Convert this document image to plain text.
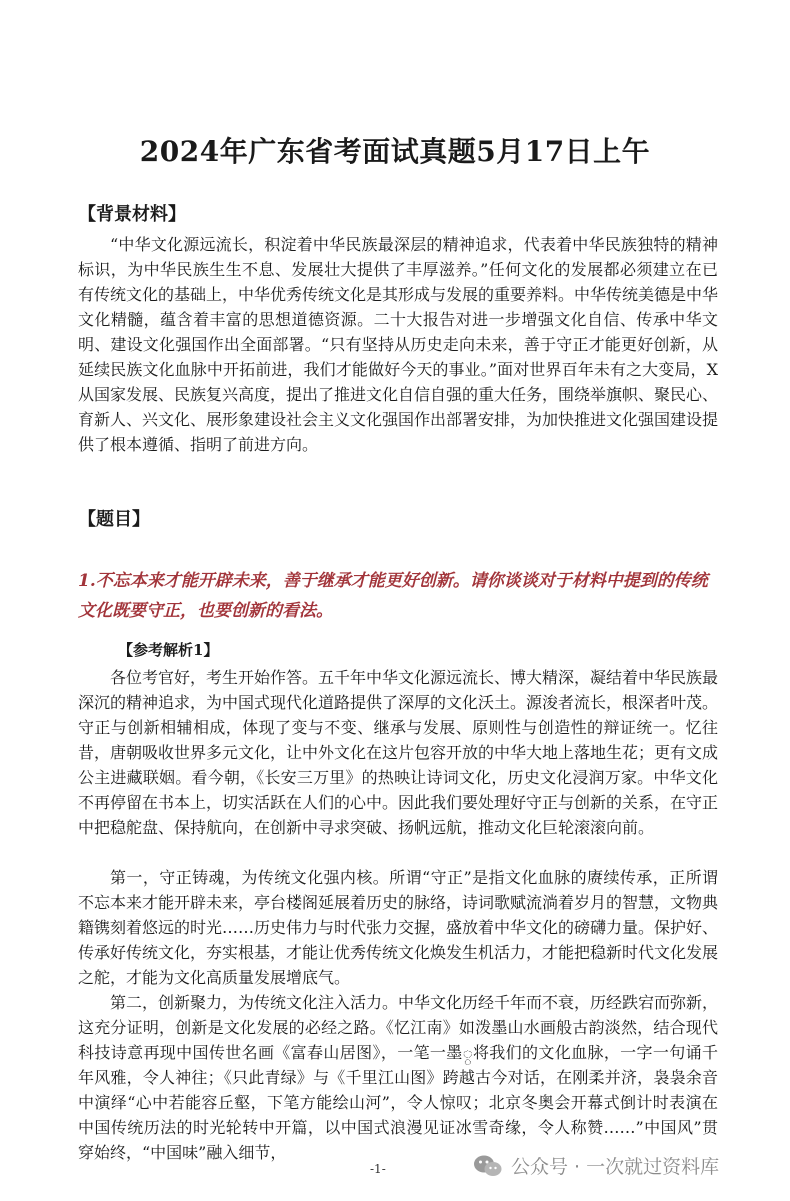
2024年广东省考面试真题5月17日上午
【背景材料】

“中华文化源远流长，积淀着中华民族最深层的精神追求，代表着中华民族独特的精神标识，为中华民族生生不息、发展壮大提供了丰厚滋养。”任何文化的发展都必须建立在已有传统文化的基础上，中华优秀传统文化是其形成与发展的重要养料。中华传统美德是中华文化精髓，蕴含着丰富的思想道德资源。二十大报告对进一步增强文化自信、传承中华文明、建设文化强国作出全面部署。“只有坚持从历史走向未来，善于守正才能更好创新，从延续民族文化血脉中开拓前进，我们才能做好今天的事业。”面对世界百年未有之大变局，X从国家发展、民族复兴高度，提出了推进文化自信自强的重大任务，围绕举旗帜、聚民心、育新人、兴文化、展形象建设社会主义文化强国作出部署安排，为加快推进文化强国建设提供了根本遵循、指明了前进方向。

【题目】

1.不忘本来才能开辟未来，善于继承才能更好创新。请你谈谈对于材料中提到的传统文化既要守正，也要创新的看法。

【参考解析1】

各位考官好，考生开始作答。五千年中华文化源远流长、博大精深，凝结着中华民族最深沉的精神追求，为中国式现代化道路提供了深厚的文化沃土。源浚者流长，根深者叶茂。守正与创新相辅相成，体现了变与不变、继承与发展、原则性与创造性的辩证统一。忆往昔，唐朝吸收世界多元文化，让中外文化在这片包容开放的中华大地上落地生花；更有文成公主进藏联姻。看今朝，《长安三万里》的热映让诗词文化，历史文化浸润万家。中华文化不再停留在书本上，切实活跃在人们的心中。因此我们要处理好守正与创新的关系，在守正中把稳舵盘、保持航向，在创新中寻求突破、扬帆远航，推动文化巨轮滚滚向前。

第一，守正铸魂，为传统文化强内核。所谓“守正”是指文化血脉的赓续传承，正所谓不忘本来才能开辟未来，亭台楼阁延展着历史的脉络，诗词歌赋流淌着岁月的智慧，文物典籍镌刻着悠远的时光……历史伟力与时代张力交握，盛放着中华文化的磅礴力量。保护好、传承好传统文化，夯实根基，才能让优秀传统文化焕发生机活力，才能把稳新时代文化发展之舵，才能为文化高质量发展增底气。

第二，创新聚力，为传统文化注入活力。中华文化历经千年而不衰，历经跌宕而弥新，这充分证明，创新是文化发展的必经之路。《忆江南》如泼墨山水画般古韵淡然，结合现代科技诗意再现中国传世名画《富春山居图》，一笔一墨္将我们的文化血脉，一字一句诵千年风雅，令人神往；《只此青绿》与《千里江山图》跨越古今对话，在刚柔并济，袅袅余音中演绎“心中若能容丘壑，下笔方能绘山河”，令人惊叹；北京冬奥会开幕式倒计时表演在中国传统历法的时光轮转中开篇，以中国式浪漫见证冰雪奇缘，令人称赞……”中国风”贯穿始终，“中国味”融入细节，

-1-	公众号 · 一次就过资料库
